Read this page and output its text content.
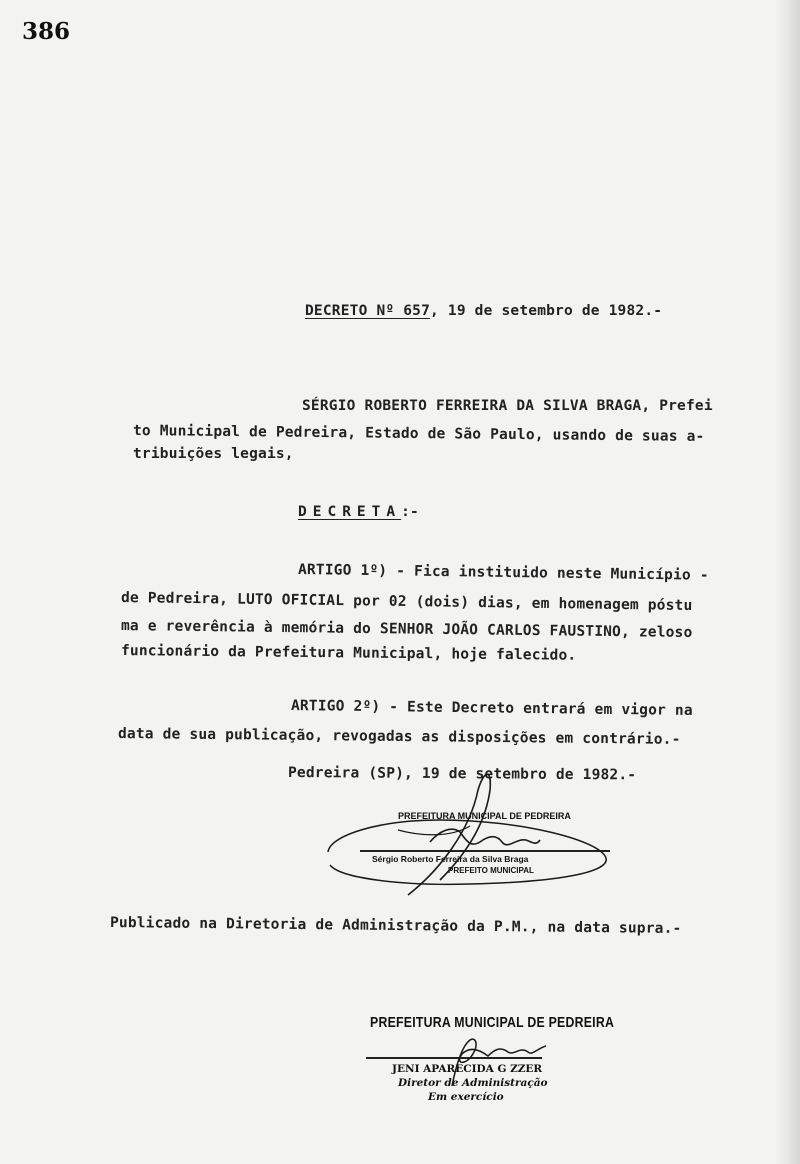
386
DECRETO Nº 657, 19 de setembro de 1982.-
SÉRGIO ROBERTO FERREIRA DA SILVA BRAGA, Prefei
to Municipal de Pedreira, Estado de São Paulo, usando de suas a-
tribuições legais,
DECRETA:-
ARTIGO 1º) - Fica instituido neste Município -
de Pedreira, LUTO OFICIAL por 02 (dois) dias, em homenagem póstu
ma e reverência à memória do SENHOR JOÃO CARLOS FAUSTINO, zeloso
funcionário da Prefeitura Municipal, hoje falecido.
ARTIGO 2º) - Este Decreto entrará em vigor na
data de sua publicação, revogadas as disposições em contrário.-
Pedreira (SP), 19 de setembro de 1982.-
PREFEITURA MUNICIPAL DE PEDREIRA
Sérgio Roberto Ferreira da Silva Braga
PREFEITO MUNICIPAL
Publicado na Diretoria de Administração da P.M., na data supra.-
PREFEITURA MUNICIPAL DE PEDREIRA
JENI APARECIDA G ZZER
Diretor de Administração
Em exercício
